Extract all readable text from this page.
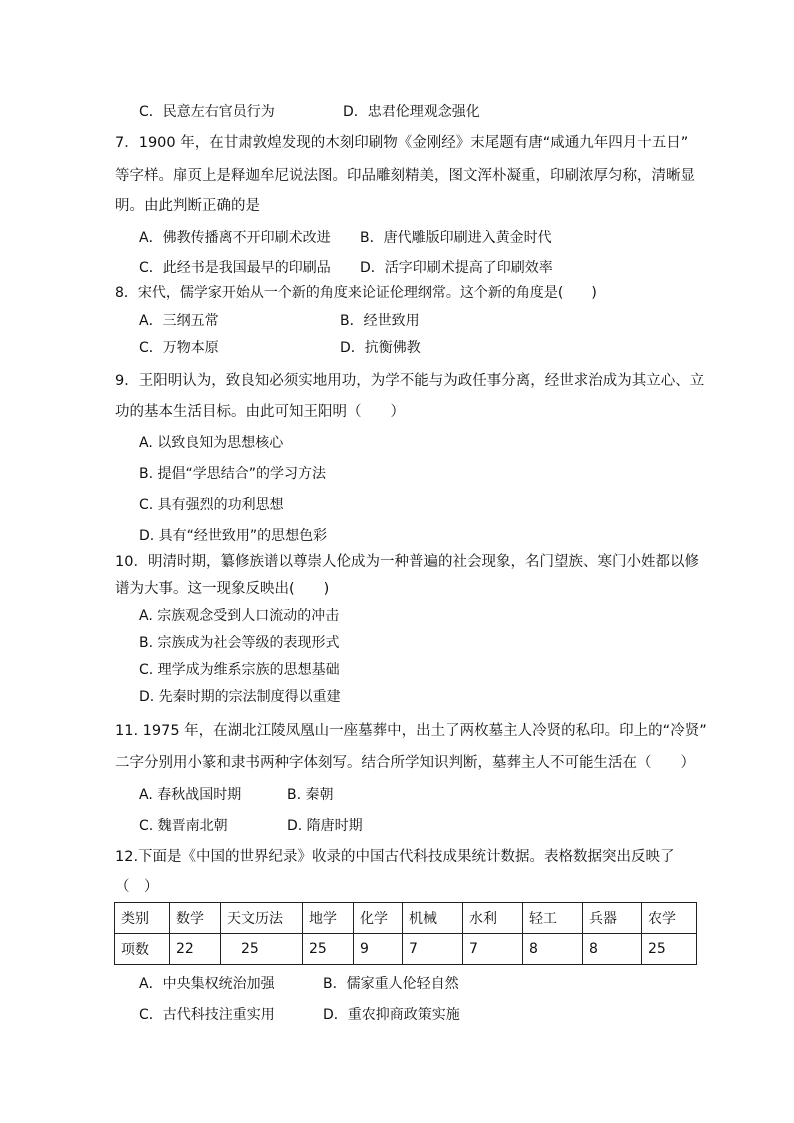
C．民意左右官员行为	D．忠君伦理观念强化
7．1900 年，在甘肃敦煌发现的木刻印刷物《金刚经》末尾题有唐“咸通九年四月十五日”
等字样。扉页上是释迦牟尼说法图。印品雕刻精美，图文浑朴凝重，印刷浓厚匀称，清晰显
明。由此判断正确的是
A．佛教传播离不开印刷术改进 B．唐代雕版印刷进入黄金时代
C．此经书是我国最早的印刷品 D．活字印刷术提高了印刷效率
8．宋代，儒学家开始从一个新的角度来论证伦理纲常。这个新的角度是(　　)
A．三纲五常	B．经世致用
C．万物本原	D．抗衡佛教
9．王阳明认为，致良知必须实地用功，为学不能与为政任事分离，经世求治成为其立心、立
功的基本生活目标。由此可知王阳明（　　）
A. 以致良知为思想核心
B. 提倡“学思结合”的学习方法
C. 具有强烈的功利思想
D. 具有“经世致用”的思想色彩
10．明清时期，纂修族谱以尊崇人伦成为一种普遍的社会现象，名门望族、寒门小姓都以修
谱为大事。这一现象反映出(　　)
A. 宗族观念受到人口流动的冲击
B. 宗族成为社会等级的表现形式
C. 理学成为维系宗族的思想基础
D. 先秦时期的宗法制度得以重建
11. 1975 年，在湖北江陵凤凰山一座墓葬中，出土了两枚墓主人冷贤的私印。印上的“冷贤”
二字分别用小篆和隶书两种字体刻写。结合所学知识判断，墓葬主人不可能生活在（　　）
A. 春秋战国时期	B. 秦朝
C. 魏晋南北朝	D. 隋唐时期
12.下面是《中国的世界纪录》收录的中国古代科技成果统计数据。表格数据突出反映了
（　）
类别	数学	天文历法	地学	化学	机械	水利	轻工	兵器	农学
项数	22	25	25	9	7	7	8	8	25
A．中央集权统治加强	B．儒家重人伦轻自然
C．古代科技注重实用	D．重农抑商政策实施
